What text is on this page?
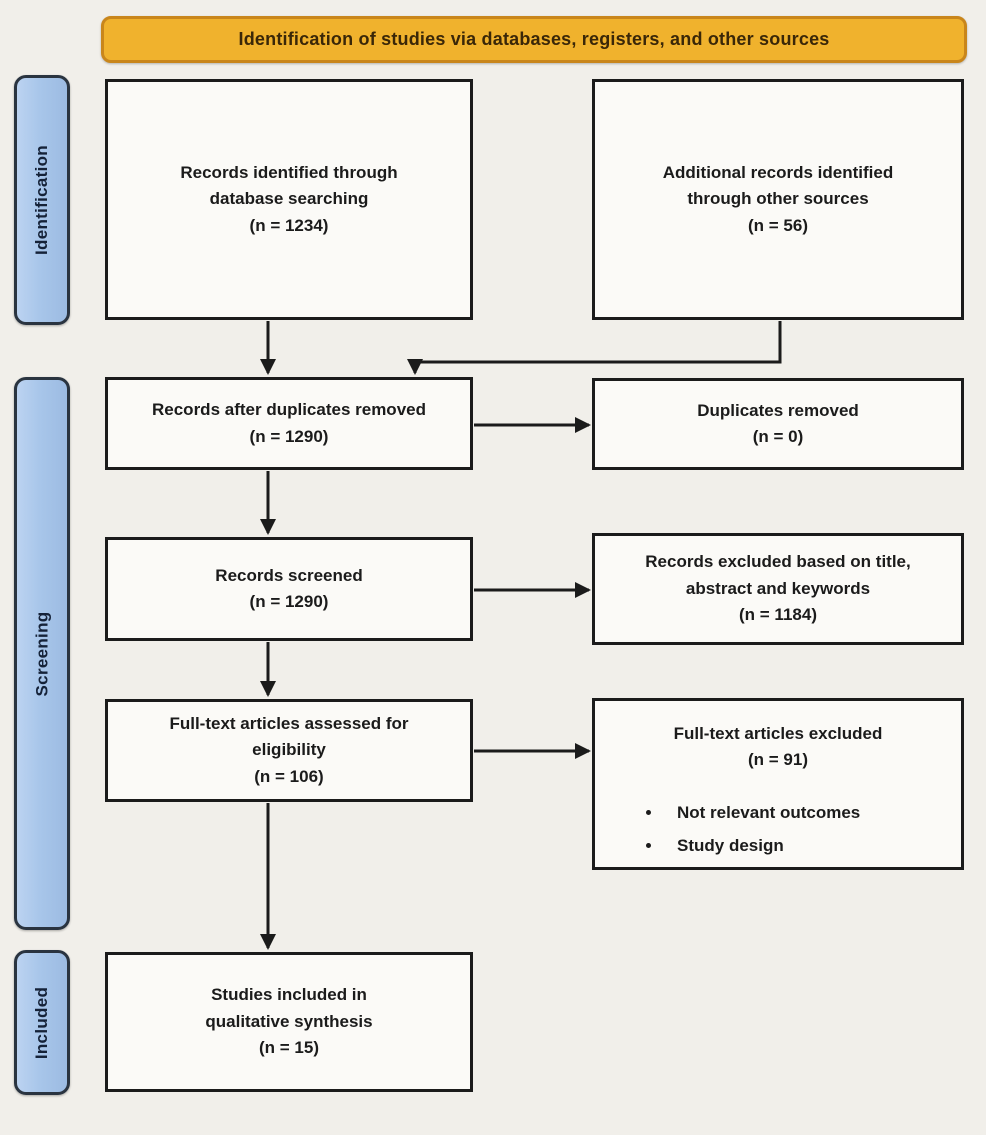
Identification of studies via databases, registers, and other sources
Identification
Screening
Included
Records identified through
database searching
(n = 1234)
Additional records identified
through other sources
(n = 56)
Records after duplicates removed
(n = 1290)
Duplicates removed
(n = 0)
Records screened
(n = 1290)
Records excluded based on title,
abstract and keywords
(n = 1184)
Full-text articles assessed for
eligibility
(n = 106)
Full-text articles excluded
(n = 91)
• Not relevant outcomes
• Study design
Studies included in
qualitative synthesis
(n = 15)
